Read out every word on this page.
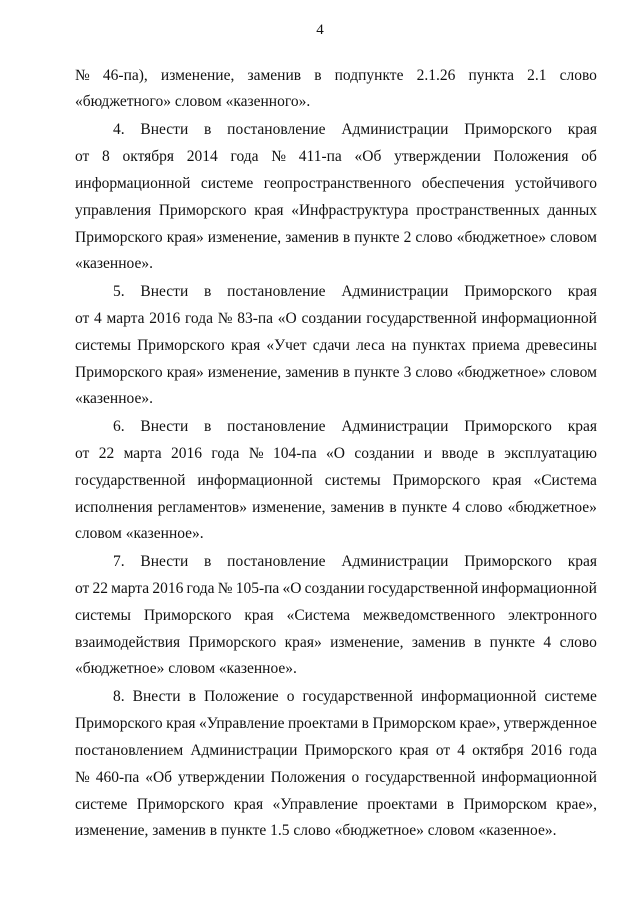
4
№ 46-па), изменение, заменив в подпункте 2.1.26 пункта 2.1 слово
«бюджетного» словом «казенного».
4. Внести в постановление Администрации Приморского края
от 8 октября 2014 года № 411-па «Об утверждении Положения об
информационной системе геопространственного обеспечения устойчивого
управления Приморского края «Инфраструктура пространственных данных
Приморского края» изменение, заменив в пункте 2 слово «бюджетное» словом
«казенное».
5. Внести в постановление Администрации Приморского края
от 4 марта 2016 года № 83-па «О создании государственной информационной
системы Приморского края «Учет сдачи леса на пунктах приема древесины
Приморского края» изменение, заменив в пункте 3 слово «бюджетное» словом
«казенное».
6. Внести в постановление Администрации Приморского края
от 22 марта 2016 года № 104-па «О создании и вводе в эксплуатацию
государственной информационной системы Приморского края «Система
исполнения регламентов» изменение, заменив в пункте 4 слово «бюджетное»
словом «казенное».
7. Внести в постановление Администрации Приморского края
от 22 марта 2016 года № 105-па «О создании государственной информационной
системы Приморского края «Система межведомственного электронного
взаимодействия Приморского края» изменение, заменив в пункте 4 слово
«бюджетное» словом «казенное».
8. Внести в Положение о государственной информационной системе
Приморского края «Управление проектами в Приморском крае», утвержденное
постановлением Администрации Приморского края от 4 октября 2016 года
№ 460-па «Об утверждении Положения о государственной информационной
системе Приморского края «Управление проектами в Приморском крае»,
изменение, заменив в пункте 1.5 слово «бюджетное» словом «казенное».
